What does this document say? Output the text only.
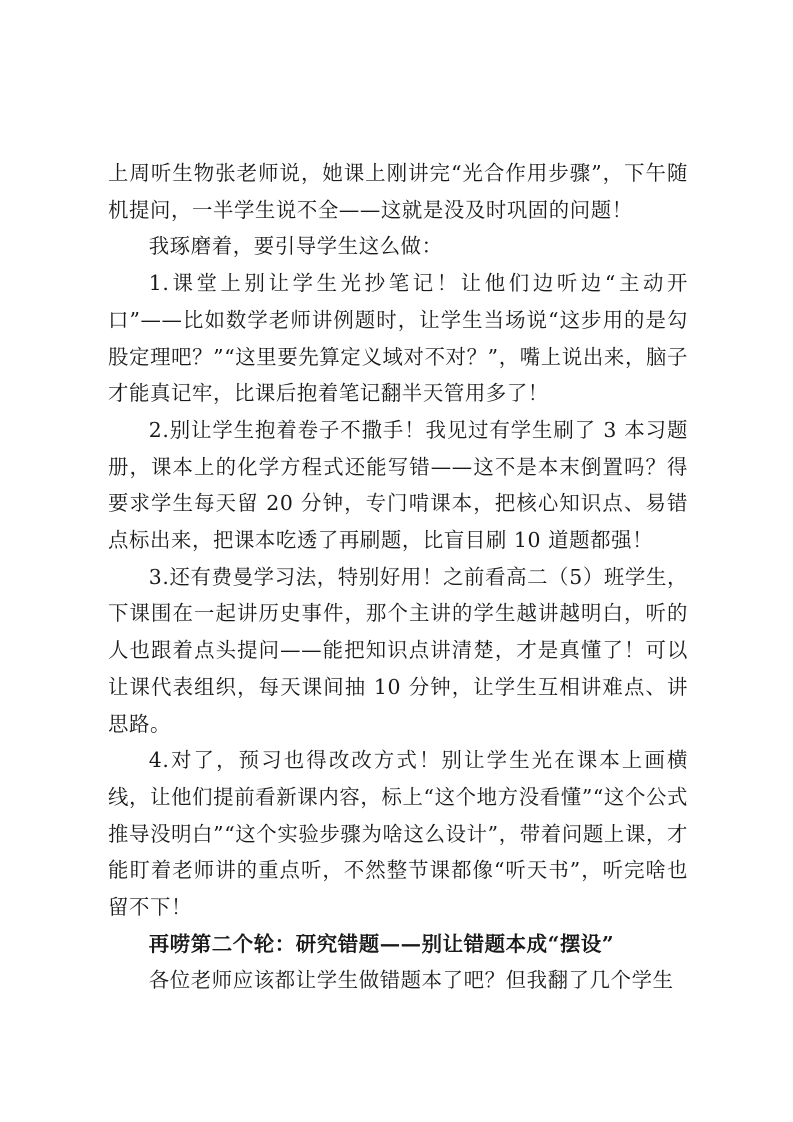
上周听生物张老师说，她课上刚讲完“光合作用步骤”，下午随机提问，一半学生说不全——这就是没及时巩固的问题！

我琢磨着，要引导学生这么做：

1.课堂上别让学生光抄笔记！让他们边听边“主动开口”——比如数学老师讲例题时，让学生当场说“这步用的是勾股定理吧？”“这里要先算定义域对不对？”，嘴上说出来，脑子才能真记牢，比课后抱着笔记翻半天管用多了！

2.别让学生抱着卷子不撒手！我见过有学生刷了 3 本习题册，课本上的化学方程式还能写错——这不是本末倒置吗？得要求学生每天留 20 分钟，专门啃课本，把核心知识点、易错点标出来，把课本吃透了再刷题，比盲目刷 10 道题都强！

3.还有费曼学习法，特别好用！之前看高二（5）班学生，下课围在一起讲历史事件，那个主讲的学生越讲越明白，听的人也跟着点头提问——能把知识点讲清楚，才是真懂了！可以让课代表组织，每天课间抽 10 分钟，让学生互相讲难点、讲思路。

4.对了，预习也得改改方式！别让学生光在课本上画横线，让他们提前看新课内容，标上“这个地方没看懂”“这个公式推导没明白”“这个实验步骤为啥这么设计”，带着问题上课，才能盯着老师讲的重点听，不然整节课都像“听天书”，听完啥也留不下！

再唠第二个轮：研究错题——别让错题本成“摆设”

各位老师应该都让学生做错题本了吧？但我翻了几个学生
